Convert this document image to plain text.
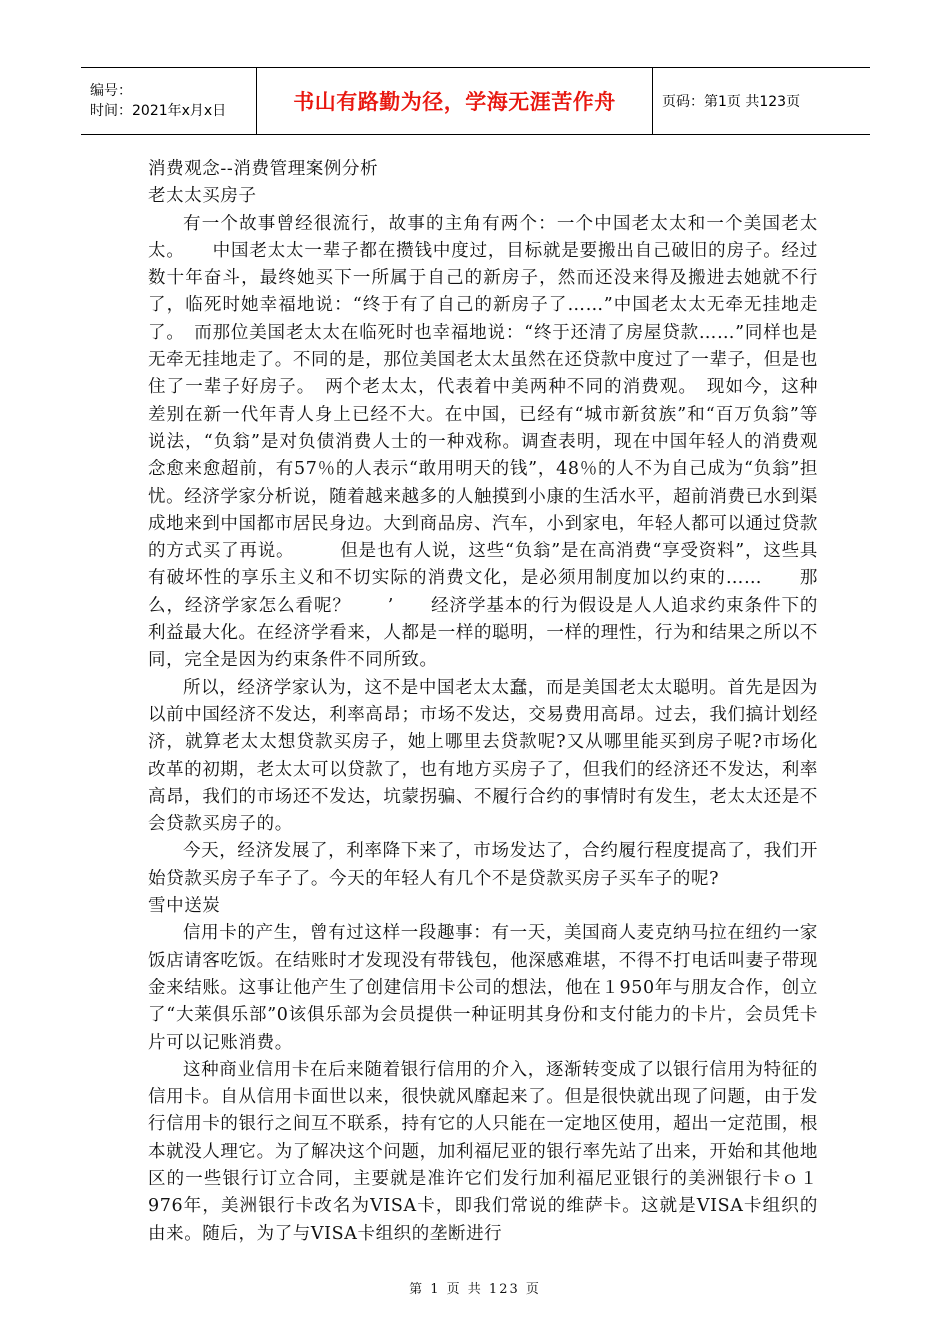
编号：
时间：2021年x月x日	书山有路勤为径，学海无涯苦作舟	页码：第1页 共123页

消费观念--消费管理案例分析

老太太买房子

有一个故事曾经很流行，故事的主角有两个：一个中国老太太和一个美国老太太。　　中国老太太一辈子都在攒钱中度过，目标就是要搬出自己破旧的房子。经过数十年奋斗，最终她买下一所属于自己的新房子，然而还没来得及搬进去她就不行了，临死时她幸福地说：“终于有了自己的新房子了……”中国老太太无牵无挂地走了。　而那位美国老太太在临死时也幸福地说：“终于还清了房屋贷款……”同样也是无牵无挂地走了。不同的是，那位美国老太太虽然在还贷款中度过了一辈子，但是也住了一辈子好房子。　两个老太太，代表着中美两种不同的消费观。　现如今，这种差别在新一代年青人身上已经不大。在中国，已经有“城市新贫族”和“百万负翁”等说法，“负翁”是对负债消费人士的一种戏称。调查表明，现在中国年轻人的消费观念愈来愈超前，有57％的人表示“敢用明天的钱”，48％的人不为自己成为“负翁”担忧。经济学家分析说，随着越来越多的人触摸到小康的生活水平，超前消费已水到渠成地来到中国都市居民身边。大到商品房、汽车，小到家电，年轻人都可以通过贷款的方式买了再说。　　　但是也有人说，这些“负翁”是在高消费“享受资料”，这些具有破坏性的享乐主义和不切实际的消费文化，是必须用制度加以约束的……　　那么，经济学家怎么看呢？　　’　　经济学基本的行为假设是人人追求约束条件下的利益最大化。在经济学看来，人都是一样的聪明，一样的理性，行为和结果之所以不同，完全是因为约束条件不同所致。

所以，经济学家认为，这不是中国老太太蠢，而是美国老太太聪明。首先是因为以前中国经济不发达，利率高昂；市场不发达，交易费用高昂。过去，我们搞计划经济，就算老太太想贷款买房子，她上哪里去贷款呢?又从哪里能买到房子呢?市场化改革的初期，老太太可以贷款了，也有地方买房子了，但我们的经济还不发达，利率高昂，我们的市场还不发达，坑蒙拐骗、不履行合约的事情时有发生，老太太还是不会贷款买房子的。

今天，经济发展了，利率降下来了，市场发达了，合约履行程度提高了，我们开始贷款买房子车子了。今天的年轻人有几个不是贷款买房子买车子的呢?

雪中送炭

信用卡的产生，曾有过这样一段趣事：有一天，美国商人麦克纳马拉在纽约一家饭店请客吃饭。在结账时才发现没有带钱包，他深感难堪，不得不打电话叫妻子带现金来结账。这事让他产生了创建信用卡公司的想法，他在１950年与朋友合作，创立了“大莱俱乐部”0该俱乐部为会员提供一种证明其身份和支付能力的卡片，会员凭卡片可以记账消费。

这种商业信用卡在后来随着银行信用的介入，逐渐转变成了以银行信用为特征的信用卡。自从信用卡面世以来，很快就风靡起来了。但是很快就出现了问题，由于发行信用卡的银行之间互不联系，持有它的人只能在一定地区使用，超出一定范围，根本就没人理它。为了解决这个问题，加利福尼亚的银行率先站了出来，开始和其他地区的一些银行订立合同，主要就是准许它们发行加利福尼亚银行的美洲银行卡ｏ１976年，美洲银行卡改名为VISA卡，即我们常说的维萨卡。这就是VISA卡组织的由来。随后，为了与VISA卡组织的垄断进行

第 1 页 共 123 页
